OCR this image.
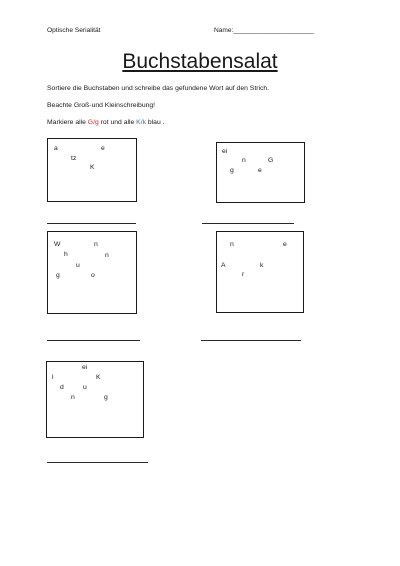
Optische Serialität	Name:______________________
Buchstabensalat
Sortiere die Buchstaben und schreibe das gefundene Wort auf den Strich.
Beachte Groß-und Kleinschreibung!
Markiere alle G/g rot und alle K/k blau .
a	e
tz
K
ei
n	G
g	e
W	n
h	n
u
g	o
n	e
A	k
r
ei
l	K
d	u
n	g
